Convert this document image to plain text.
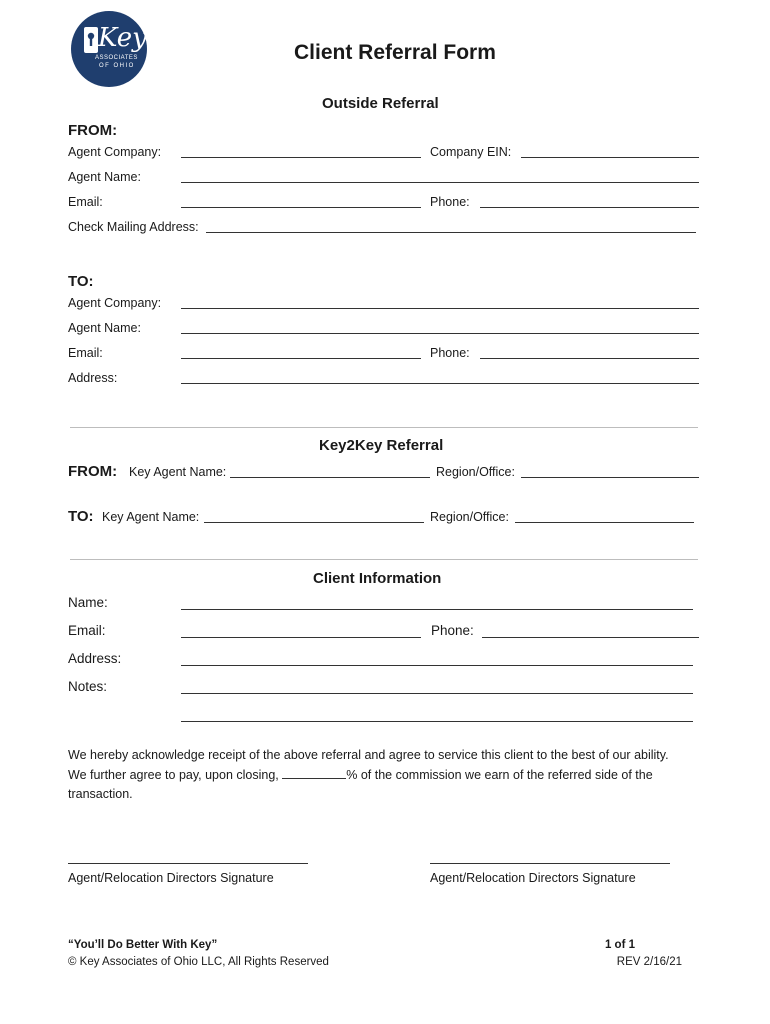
Key
ASSOCIATES
OF OHIO
Client Referral Form
Outside Referral
FROM:
Agent Company:	Company EIN:
Agent Name:
Email:	Phone:
Check Mailing Address:
TO:
Agent Company:
Agent Name:
Email:	Phone:
Address:
Key2Key Referral
FROM: Key Agent Name:	Region/Office:
TO: Key Agent Name:	Region/Office:
Client Information
Name:
Email:	Phone:
Address:
Notes:
We hereby acknowledge receipt of the above referral and agree to service this client to the best of our ability.
We further agree to pay, upon closing,	% of the commission we earn of the referred side of the
transaction.
Agent/Relocation Directors Signature	Agent/Relocation Directors Signature
“You’ll Do Better With Key”
© Key Associates of Ohio LLC, All Rights Reserved
1 of 1
REV 2/16/21
